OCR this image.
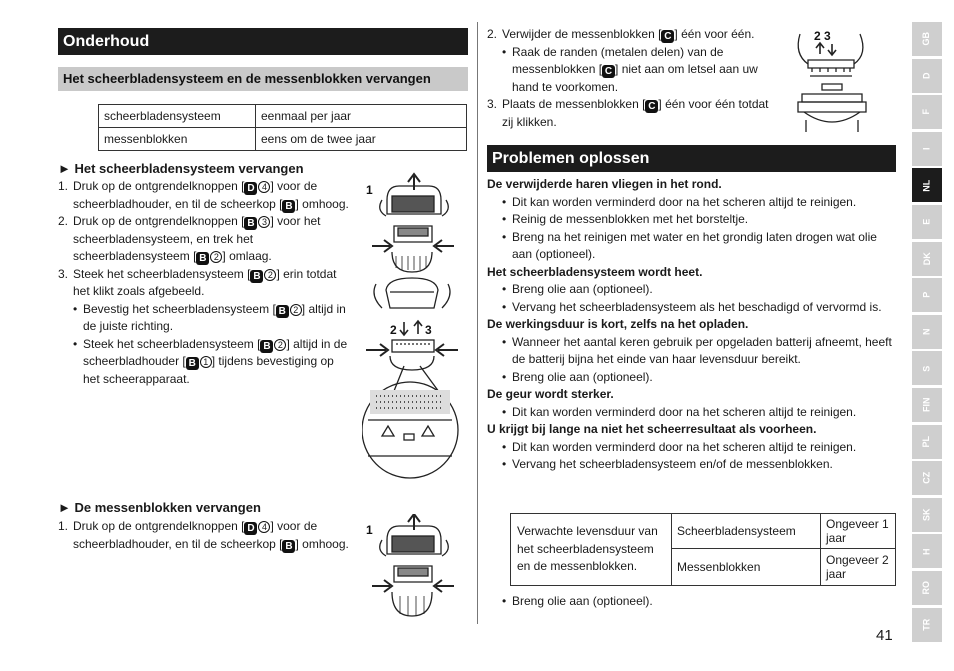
Onderhoud
Het scheerbladensysteem en de messenblokken vervangen
scheerbladensysteem	eenmaal per jaar
messenblokken	eens om de twee jaar
► Het scheerbladensysteem vervangen
1. Druk op de ontgrendelknoppen [ D 4 ] voor de scheerbladhouder, en til de scheerkop [ B ] omhoog.
2. Druk op de ontgrendelknoppen [ B 3 ] voor het scheerbladensysteem, en trek het scheerbladensysteem [ B 2 ] omlaag.
3. Steek het scheerbladensysteem [ B 2 ] erin totdat het klikt zoals afgebeeld.
• Bevestig het scheerbladensysteem [ B 2 ] altijd in de juiste richting.
• Steek het scheerbladensysteem [ B 2 ] altijd in de scheerbladhouder [ B 1 ] tijdens bevestiging op het scheerapparaat.
1
2 3
► De messenblokken vervangen
1. Druk op de ontgrendelknoppen [ D 4 ] voor de scheerbladhouder, en til de scheerkop [ B ] omhoog.
1
2. Verwijder de messenblokken [ C ] één voor één.
• Raak de randen (metalen delen) van de messenblokken [ C ] niet aan om letsel aan uw hand te voorkomen.
3. Plaats de messenblokken [ C ] één voor één totdat zij klikken.
2 3
Problemen oplossen
De verwijderde haren vliegen in het rond.
• Dit kan worden verminderd door na het scheren altijd te reinigen.
• Reinig de messenblokken met het borsteltje.
• Breng na het reinigen met water en het grondig laten drogen wat olie aan (optioneel).
Het scheerbladensysteem wordt heet.
• Breng olie aan (optioneel).
• Vervang het scheerbladensysteem als het beschadigd of vervormd is.
De werkingsduur is kort, zelfs na het opladen.
• Wanneer het aantal keren gebruik per opgeladen batterij afneemt, heeft de batterij bijna het einde van haar levensduur bereikt.
• Breng olie aan (optioneel).
De geur wordt sterker.
• Dit kan worden verminderd door na het scheren altijd te reinigen.
U krijgt bij lange na niet het scheerresultaat als voorheen.
• Dit kan worden verminderd door na het scheren altijd te reinigen.
• Vervang het scheerbladensysteem en/of de messenblokken.
Verwachte levensduur van het scheerbladensysteem en de messenblokken.	Scheerbladensysteem	Ongeveer 1 jaar
	Messenblokken	Ongeveer 2 jaar
• Breng olie aan (optioneel).
41
GB
D
F
I
NL
E
DK
P
N
S
FIN
PL
CZ
SK
H
RO
TR
